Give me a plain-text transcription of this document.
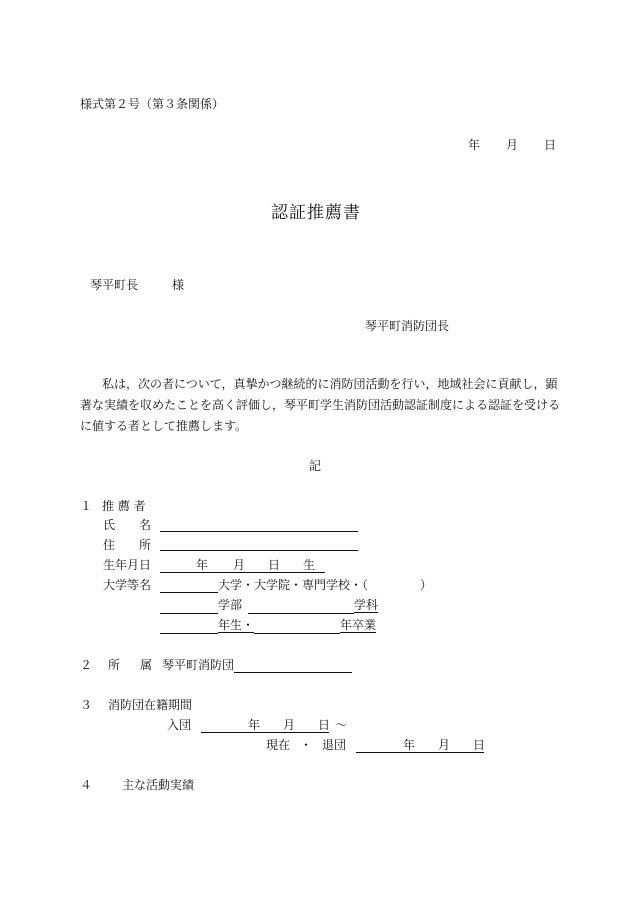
様式第２号（第３条関係）
年 月 日
認証推薦書
琴平町長	様
琴平町消防団長
私は，次の者について，真摯かつ継続的に消防団活動を行い，地域社会に貢献し，顕著な実績を収めたことを高く評価し，琴平町学生消防団活動認証制度による認証を受けるに値する者として推薦します。
記
１ 推 薦 者
氏 名
住 所
生年月日	年 月 日 生
大学等名	大学・大学院・専門学校・（	）
学部	学科
年生・	年卒業
２ 所 属 琴平町消防団
３ 消防団在籍期間
入団	年 月 日 ～
現在 ・ 退団	年 月 日
４	主な活動実績
